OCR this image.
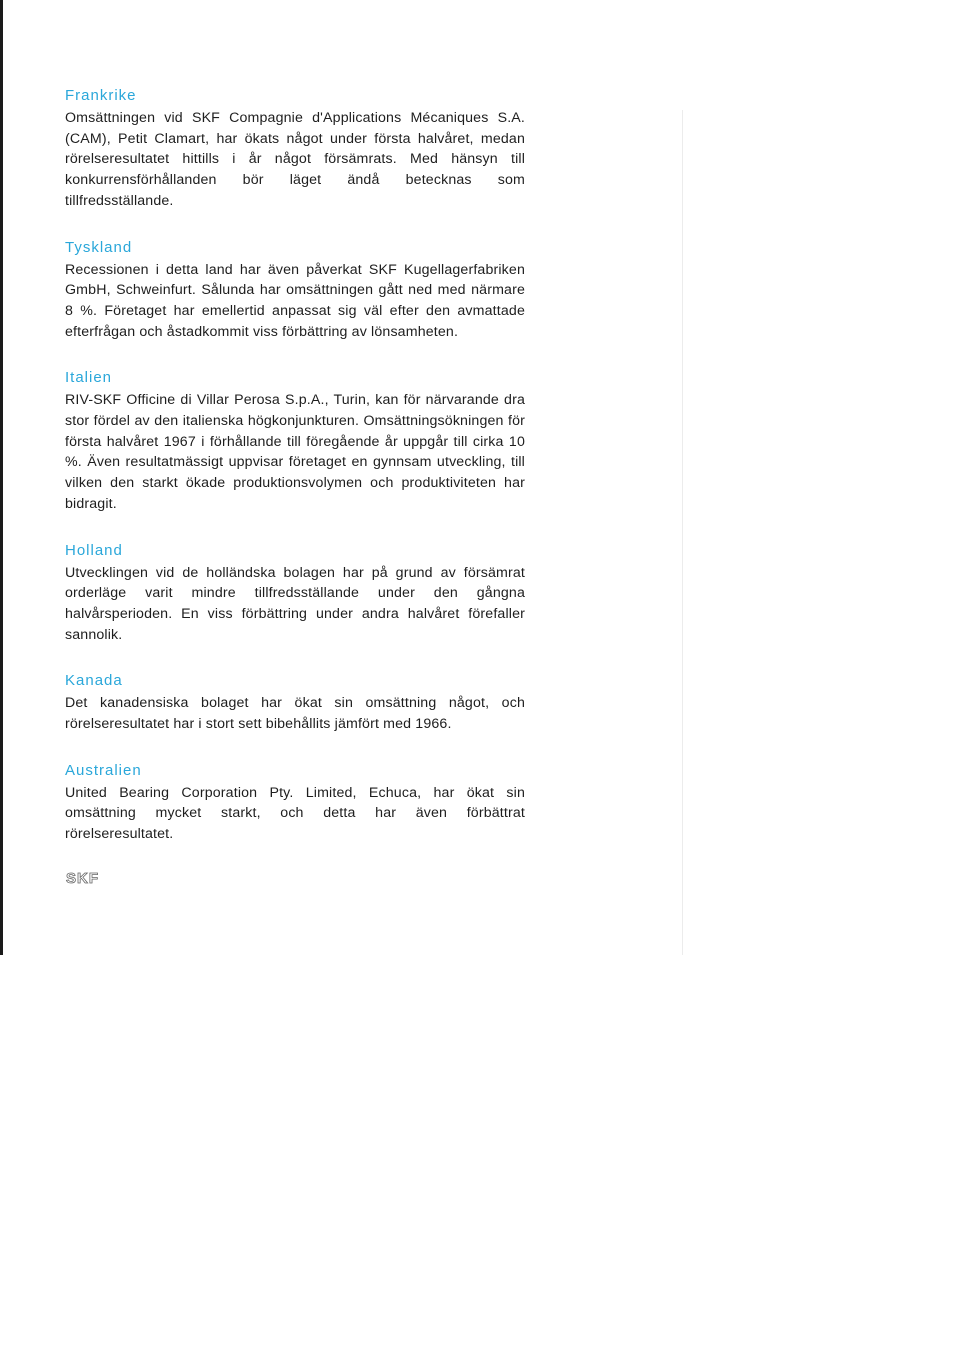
Frankrike

Omsättningen vid SKF Compagnie d'Applications Mécaniques S.A. (CAM), Petit Clamart, har ökats något under första halvåret, medan rörelseresultatet hittills i år något försämrats. Med hänsyn till konkurrensförhållanden bör läget ändå betecknas som tillfredsställande.

Tyskland

Recessionen i detta land har även påverkat SKF Kugellagerfabriken GmbH, Schweinfurt. Sålunda har omsättningen gått ned med närmare 8 %. Företaget har emellertid anpassat sig väl efter den avmattade efterfrågan och åstadkommit viss förbättring av lönsamheten.

Italien

RIV-SKF Officine di Villar Perosa S.p.A., Turin, kan för närvarande dra stor fördel av den italienska högkonjunkturen. Omsättningsökningen för första halvåret 1967 i förhållande till föregående år uppgår till cirka 10 %. Även resultatmässigt uppvisar företaget en gynnsam utveckling, till vilken den starkt ökade produktionsvolymen och produktiviteten har bidragit.

Holland

Utvecklingen vid de holländska bolagen har på grund av försämrat orderläge varit mindre tillfredsställande under den gångna halvårsperioden. En viss förbättring under andra halvåret förefaller sannolik.

Kanada

Det kanadensiska bolaget har ökat sin omsättning något, och rörelseresultatet har i stort sett bibehållits jämfört med 1966.

Australien

United Bearing Corporation Pty. Limited, Echuca, har ökat sin omsättning mycket starkt, och detta har även förbättrat rörelseresultatet.

SKF
